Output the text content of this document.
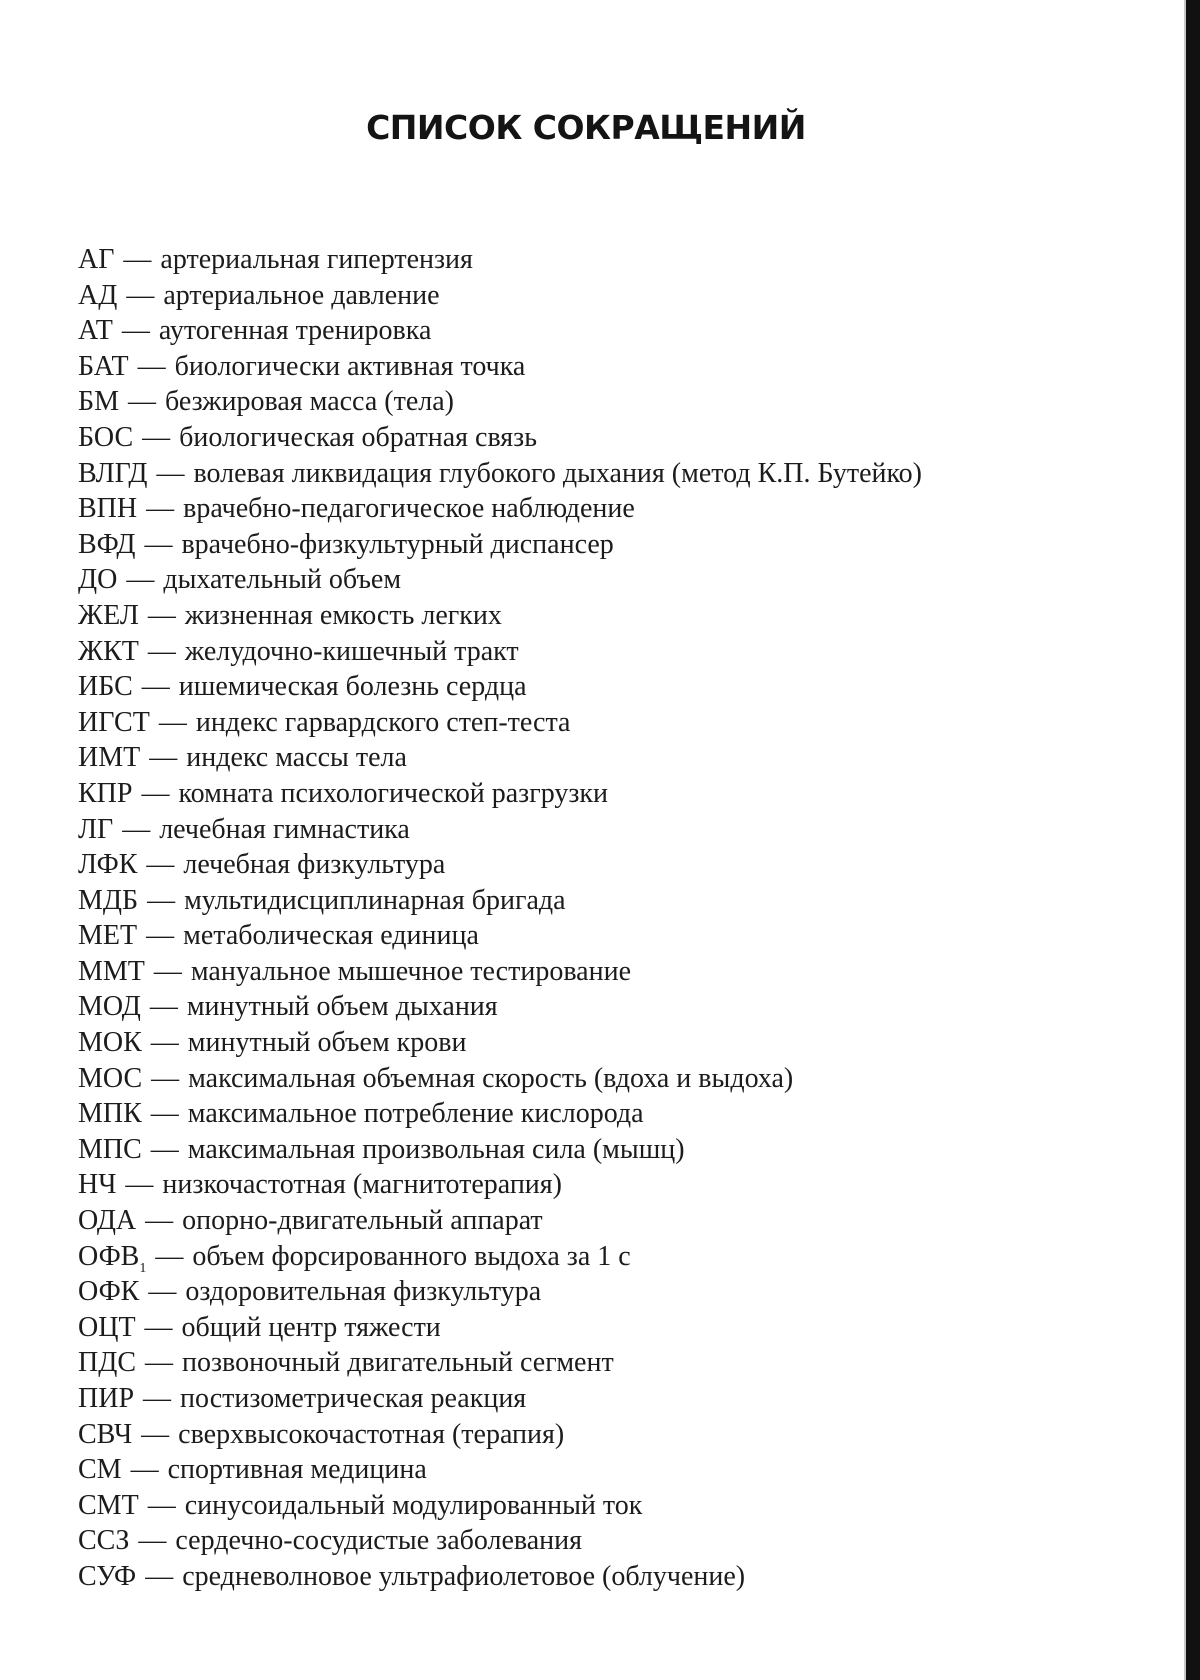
СПИСОК СОКРАЩЕНИЙ
АГ — артериальная гипертензия
АД — артериальное давление
АТ — аутогенная тренировка
БАТ — биологически активная точка
БМ — безжировая масса (тела)
БОС — биологическая обратная связь
ВЛГД — волевая ликвидация глубокого дыхания (метод К.П. Бутейко)
ВПН — врачебно-педагогическое наблюдение
ВФД — врачебно-физкультурный диспансер
ДО — дыхательный объем
ЖЕЛ — жизненная емкость легких
ЖКТ — желудочно-кишечный тракт
ИБС — ишемическая болезнь сердца
ИГСТ — индекс гарвардского степ-теста
ИМТ — индекс массы тела
КПР — комната психологической разгрузки
ЛГ — лечебная гимнастика
ЛФК — лечебная физкультура
МДБ — мультидисциплинарная бригада
МЕТ — метаболическая единица
ММТ — мануальное мышечное тестирование
МОД — минутный объем дыхания
МОК — минутный объем крови
МОС — максимальная объемная скорость (вдоха и выдоха)
МПК — максимальное потребление кислорода
МПС — максимальная произвольная сила (мышц)
НЧ — низкочастотная (магнитотерапия)
ОДА — опорно-двигательный аппарат
$ОФВ_1$ — объем форсированного выдоха за 1 с
ОФК — оздоровительная физкультура
ОЦТ — общий центр тяжести
ПДС — позвоночный двигательный сегмент
ПИР — постизометрическая реакция
СВЧ — сверхвысокочастотная (терапия)
СМ — спортивная медицина
СМТ — синусоидальный модулированный ток
ССЗ — сердечно-сосудистые заболевания
СУФ — средневолновое ультрафиолетовое (облучение)
